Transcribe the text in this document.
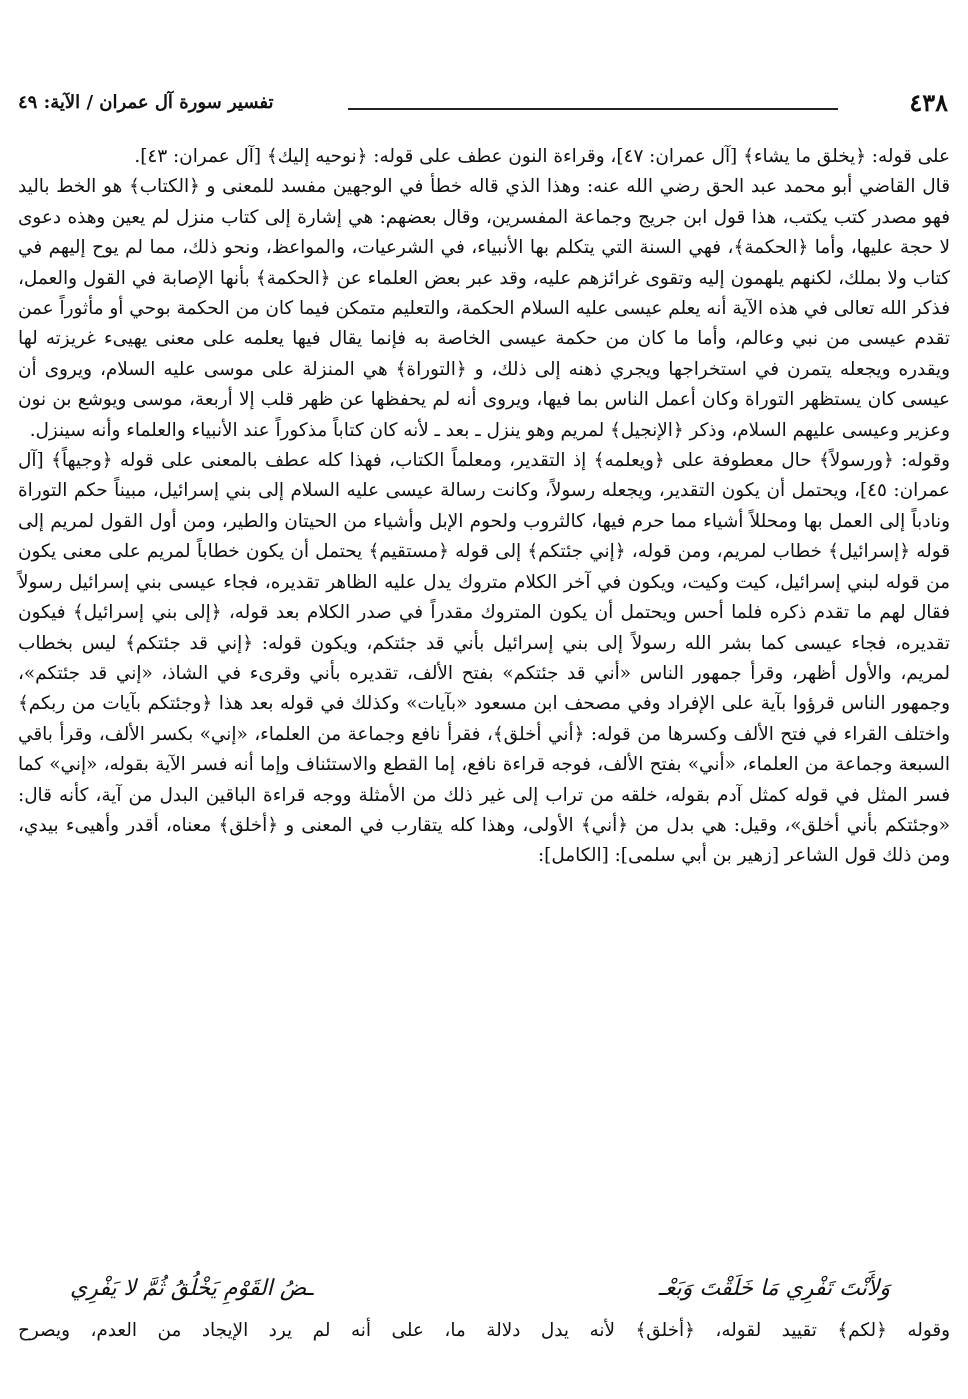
٤٣٨
تفسير سورة آل عمران / الآية: ٤٩

على قوله: ﴿يخلق ما يشاء﴾ [آل عمران: ٤٧]، وقراءة النون عطف على قوله: ﴿نوحيه إليك﴾ [آل عمران: ٤٣].

قال القاضي أبو محمد عبد الحق رضي الله عنه: وهذا الذي قاله خطأ في الوجهين مفسد للمعنى و ﴿الكتاب﴾ هو الخط باليد فهو مصدر كتب يكتب، هذا قول ابن جريج وجماعة المفسرين، وقال بعضهم: هي إشارة إلى كتاب منزل لم يعين وهذه دعوى لا حجة عليها، وأما ﴿الحكمة﴾، فهي السنة التي يتكلم بها الأنبياء، في الشرعيات، والمواعظ، ونحو ذلك، مما لم يوح إليهم في كتاب ولا بملك، لكنهم يلهمون إليه وتقوى غرائزهم عليه، وقد عبر بعض العلماء عن ﴿الحكمة﴾ بأنها الإصابة في القول والعمل، فذكر الله تعالى في هذه الآية أنه يعلم عيسى عليه السلام الحكمة، والتعليم متمكن فيما كان من الحكمة بوحي أو مأثوراً عمن تقدم عيسى من نبي وعالم، وأما ما كان من حكمة عيسى الخاصة به فإنما يقال فيها يعلمه على معنى يهيىء غريزته لها ويقدره ويجعله يتمرن في استخراجها ويجري ذهنه إلى ذلك، و ﴿التوراة﴾ هي المنزلة على موسى عليه السلام، ويروى أن عيسى كان يستظهر التوراة وكان أعمل الناس بما فيها، ويروى أنه لم يحفظها عن ظهر قلب إلا أربعة، موسى ويوشع بن نون وعزير وعيسى عليهم السلام، وذكر ﴿الإنجيل﴾ لمريم وهو ينزل ـ بعد ـ لأنه كان كتاباً مذكوراً عند الأنبياء والعلماء وأنه سينزل.

وقوله: ﴿ورسولاً﴾ حال معطوفة على ﴿ويعلمه﴾ إذ التقدير، ومعلماً الكتاب، فهذا كله عطف بالمعنى على قوله ﴿وجيهاً﴾ [آل عمران: ٤٥]، ويحتمل أن يكون التقدير، ويجعله رسولاً، وكانت رسالة عيسى عليه السلام إلى بني إسرائيل، مبيناً حكم التوراة ونادباً إلى العمل بها ومحللاً أشياء مما حرم فيها، كالثروب ولحوم الإبل وأشياء من الحيتان والطير، ومن أول القول لمريم إلى قوله ﴿إسرائيل﴾ خطاب لمريم، ومن قوله، ﴿إني جئتكم﴾ إلى قوله ﴿مستقيم﴾ يحتمل أن يكون خطاباً لمريم على معنى يكون من قوله لبني إسرائيل، كيت وكيت، ويكون في آخر الكلام متروك يدل عليه الظاهر تقديره، فجاء عيسى بني إسرائيل رسولاً فقال لهم ما تقدم ذكره فلما أحس ويحتمل أن يكون المتروك مقدراً في صدر الكلام بعد قوله، ﴿إلى بني إسرائيل﴾ فيكون تقديره، فجاء عيسى كما بشر الله رسولاً إلى بني إسرائيل بأني قد جئتكم، ويكون قوله: ﴿إني قد جئتكم﴾ ليس بخطاب لمريم، والأول أظهر، وقرأ جمهور الناس «أني قد جئتكم» بفتح الألف، تقديره بأني وقرىء في الشاذ، «إني قد جئتكم»، وجمهور الناس قرؤوا بآية على الإفراد وفي مصحف ابن مسعود «بآيات» وكذلك في قوله بعد هذا ﴿وجئتكم بآيات من ربكم﴾ واختلف القراء في فتح الألف وكسرها من قوله: ﴿أني أخلق﴾، فقرأ نافع وجماعة من العلماء، «إني» بكسر الألف، وقرأ باقي السبعة وجماعة من العلماء، «أني» بفتح الألف، فوجه قراءة نافع، إما القطع والاستئناف وإما أنه فسر الآية بقوله، «إني» كما فسر المثل في قوله كمثل آدم بقوله، خلقه من تراب إلى غير ذلك من الأمثلة ووجه قراءة الباقين البدل من آية، كأنه قال: «وجئتكم بأني أخلق»، وقيل: هي بدل من ﴿أني﴾ الأولى، وهذا كله يتقارب في المعنى و ﴿أخلق﴾ معناه، أقدر وأهيىء بيدي، ومن ذلك قول الشاعر [زهير بن أبي سلمى]: [الكامل]:

وَلأَنْتَ تَفْرِي مَا خَلَقْتَ وَبَعْـ
ـضُ القَوْمِ يَخْلُقُ ثُمَّ لا يَفْرِي
وقوله ﴿لكم﴾ تقييد لقوله، ﴿أخلق﴾ لأنه يدل دلالة ما، على أنه لم يرد الإيجاد من العدم، ويصرح
